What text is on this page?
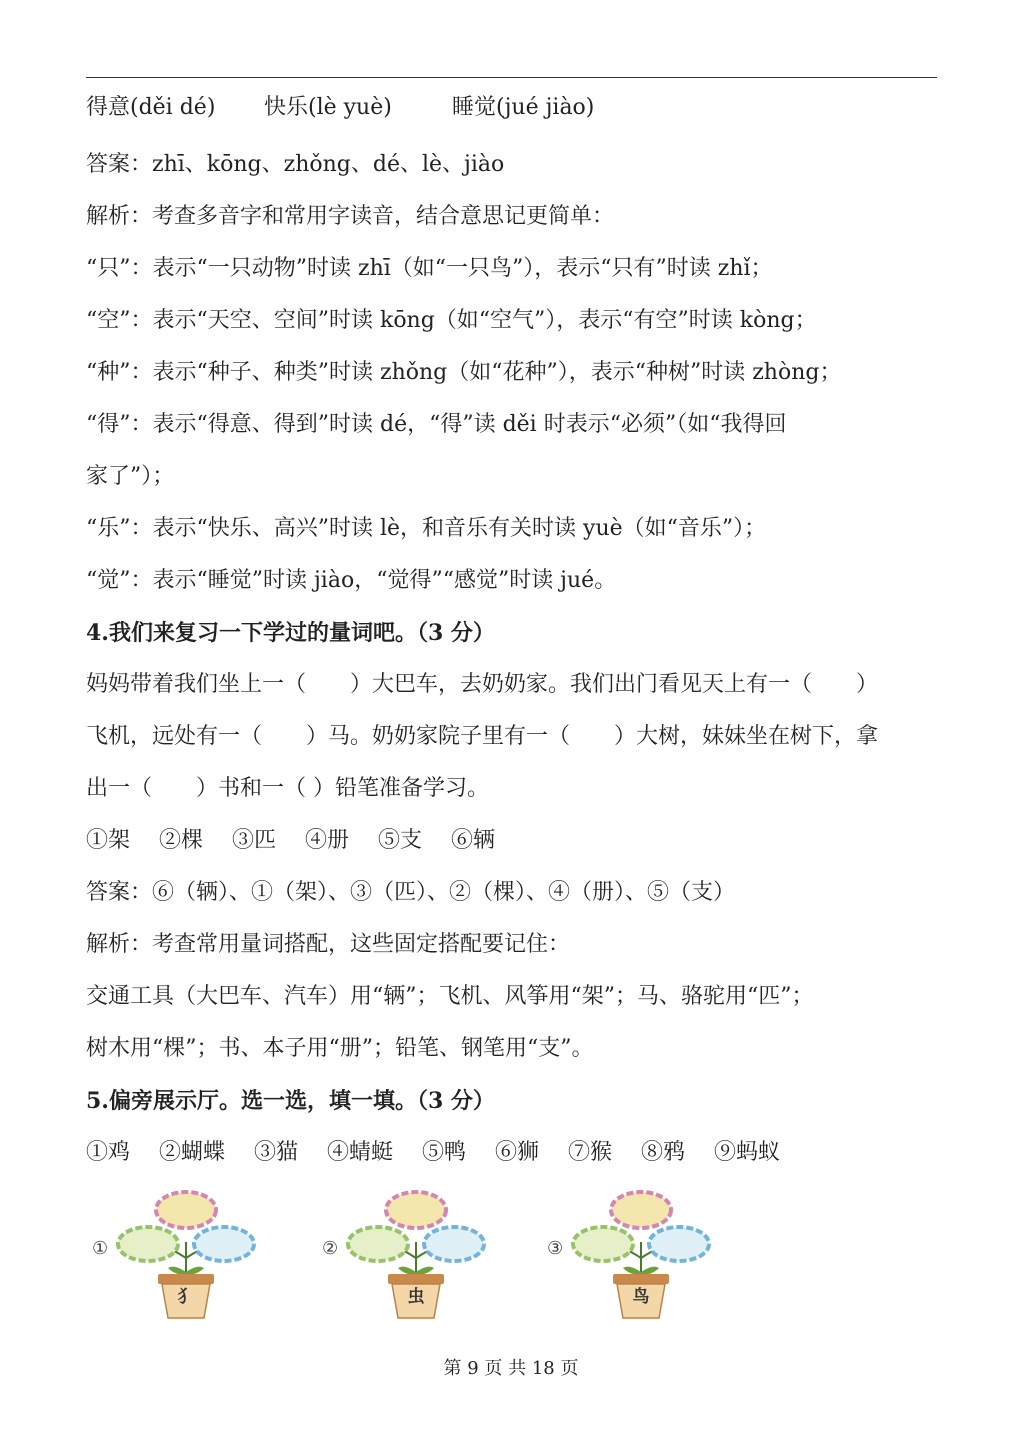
得意(děi dé)

快乐(lè yuè)

	睡觉(jué jiào)

答案：zhī、kōng、zhǒng、dé、lè、jiào
解析：考查多音字和常用字读音，结合意思记更简单：
“只”：表示“一只动物”时读 zhī（如“一只鸟”），表示“只有”时读 zhǐ；
“空”：表示“天空、空间”时读 kōng（如“空气”），表示“有空”时读 kòng；
“种”：表示“种子、种类”时读 zhǒng（如“花种”），表示“种树”时读 zhòng；
“得”：表示“得意、得到”时读 dé，“得”读 děi 时表示“必须”（如“我得回
家了”）；
“乐”：表示“快乐、高兴”时读 lè，和音乐有关时读 yuè（如“音乐”）；
“觉”：表示“睡觉”时读 jiào，“觉得”“感觉”时读 jué。
4.我们来复习一下学过的量词吧。（3 分）
妈妈带着我们坐上一（　　）大巴车，去奶奶家。我们出门看见天上有一（　　）
飞机，远处有一（　　）马。奶奶家院子里有一（　　）大树，妹妹坐在树下，拿
出一（　　）书和一（ ）铅笔准备学习。
①架　 ②棵　 ③匹　 ④册　 ⑤支　 ⑥辆
答案：⑥（辆）、①（架）、③（匹）、②（棵）、④（册）、⑤（支）
解析：考查常用量词搭配，这些固定搭配要记住：
交通工具（大巴车、汽车）用“辆”；飞机、风筝用“架”；马、骆驼用“匹”；
树木用“棵”；书、本子用“册”；铅笔、钢笔用“支”。
5.偏旁展示厅。选一选，填一填。（3 分）
①鸡　 ②蝴蝶　 ③猫　 ④蜻蜓　 ⑤鸭　 ⑥狮　 ⑦猴　 ⑧鸦　 ⑨蚂蚁
①
犭
②
虫
③
鸟
第 9 页 共 18 页
